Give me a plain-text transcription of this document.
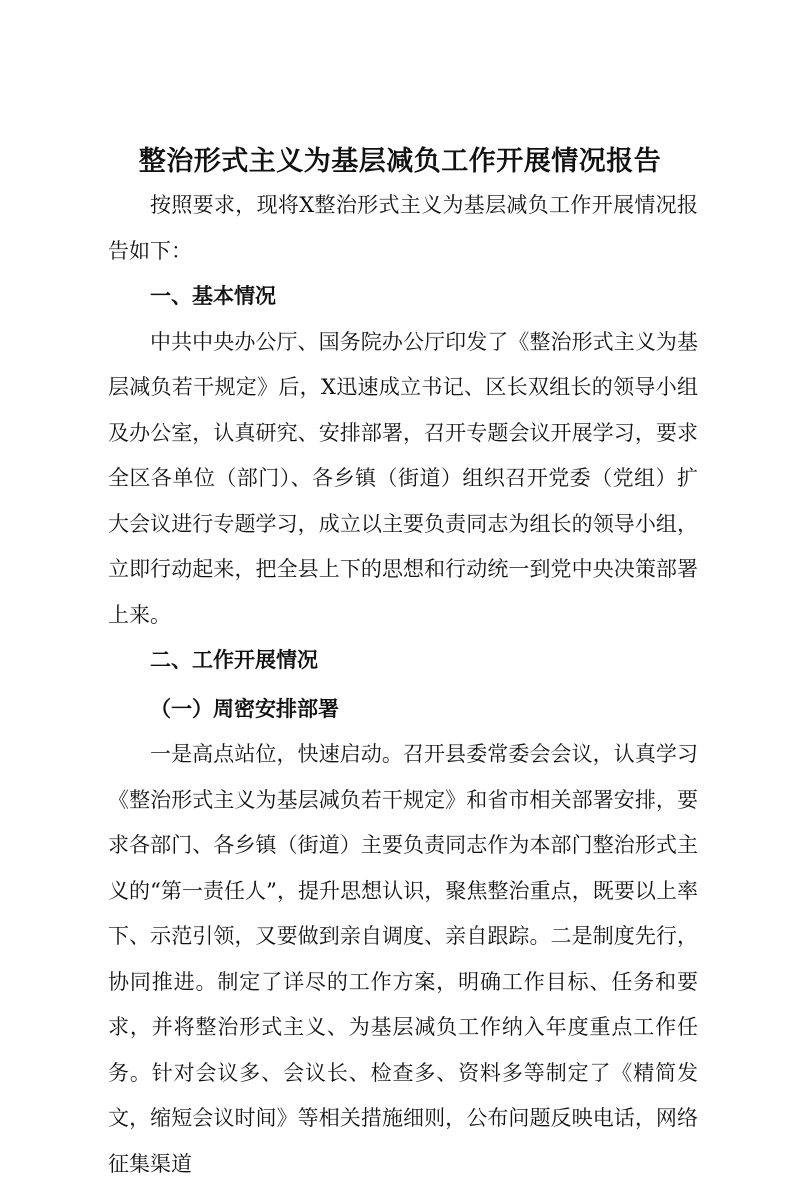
整治形式主义为基层减负工作开展情况报告

按照要求，现将X整治形式主义为基层减负工作开展情况报告如下：

一、基本情况

中共中央办公厅、国务院办公厅印发了《整治形式主义为基层减负若干规定》后，X迅速成立书记、区长双组长的领导小组及办公室，认真研究、安排部署，召开专题会议开展学习，要求全区各单位（部门）、各乡镇（街道）组织召开党委（党组）扩大会议进行专题学习，成立以主要负责同志为组长的领导小组，立即行动起来，把全县上下的思想和行动统一到党中央决策部署上来。

二、工作开展情况

（一）周密安排部署

一是高点站位，快速启动。召开县委常委会会议，认真学习《整治形式主义为基层减负若干规定》和省市相关部署安排，要求各部门、各乡镇（街道）主要负责同志作为本部门整治形式主义的“第一责任人”，提升思想认识，聚焦整治重点，既要以上率下、示范引领，又要做到亲自调度、亲自跟踪。二是制度先行，协同推进。制定了详尽的工作方案，明确工作目标、任务和要求，并将整治形式主义、为基层减负工作纳入年度重点工作任务。针对会议多、会议长、检查多、资料多等制定了《精简发文，缩短会议时间》等相关措施细则，公布问题反映电话，网络征集渠道
